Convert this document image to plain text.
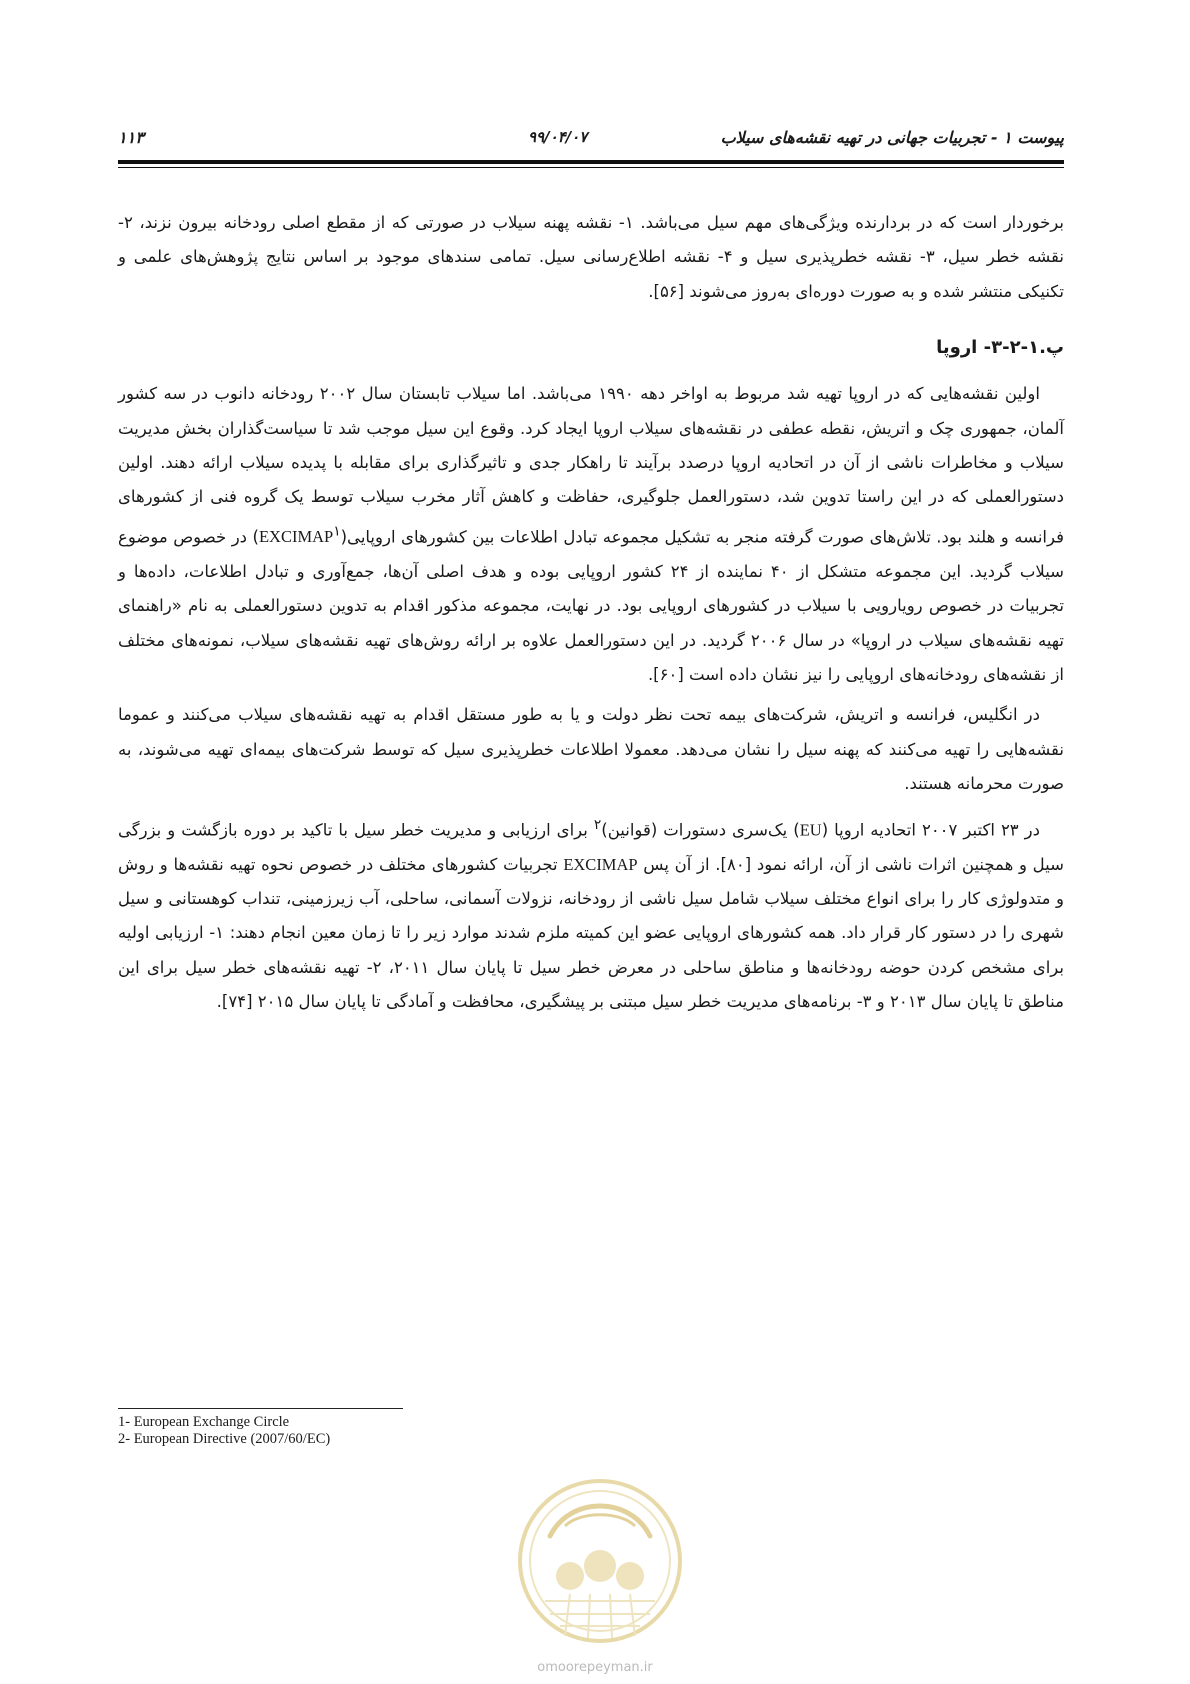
پیوست ۱ - تجربیات جهانی در تهیه نقشه‌های سیلاب
۹۹/۰۴/۰۷
۱۱۳

برخوردار است که در بردارنده ویژگی‌های مهم سیل می‌باشد. ۱- نقشه پهنه سیلاب در صورتی که از مقطع اصلی رودخانه بیرون نزند، ۲- نقشه خطر سیل، ۳- نقشه خطرپذیری سیل و ۴- نقشه اطلاع‌رسانی سیل. تمامی سندهای موجود بر اساس نتایج پژوهش‌های علمی و تکنیکی منتشر شده و به صورت دوره‌ای به‌روز می‌شوند [۵۶].

پ.۱-۲-۳- اروپا

اولین نقشه‌هایی که در اروپا تهیه شد مربوط به اواخر دهه ۱۹۹۰ می‌باشد. اما سیلاب تابستان سال ۲۰۰۲ رودخانه دانوب در سه کشور آلمان، جمهوری چک و اتریش، نقطه عطفی در نقشه‌های سیلاب اروپا ایجاد کرد. وقوع این سیل موجب شد تا سیاست‌گذاران بخش مدیریت سیلاب و مخاطرات ناشی از آن در اتحادیه اروپا درصدد برآیند تا راهکار جدی و تاثیرگذاری برای مقابله با پدیده سیلاب ارائه دهند. اولین دستورالعملی که در این راستا تدوین شد، دستورالعمل جلوگیری، حفاظت و کاهش آثار مخرب سیلاب توسط یک گروه فنی از کشورهای فرانسه و هلند بود. تلاش‌های صورت گرفته منجر به تشکیل مجموعه تبادل اطلاعات بین کشورهای اروپایی(EXCIMAP$^۱$) در خصوص موضوع سیلاب گردید. این مجموعه متشکل از ۴۰ نماینده از ۲۴ کشور اروپایی بوده و هدف اصلی آن‌ها، جمع‌آوری و تبادل اطلاعات، داده‌ها و تجربیات در خصوص رویارویی با سیلاب در کشورهای اروپایی بود. در نهایت، مجموعه مذکور اقدام به تدوین دستورالعملی به نام «راهنمای تهیه نقشه‌های سیلاب در اروپا» در سال ۲۰۰۶ گردید. در این دستورالعمل علاوه بر ارائه روش‌های تهیه نقشه‌های سیلاب، نمونه‌های مختلف از نقشه‌های رودخانه‌های اروپایی را نیز نشان داده است [۶۰].

در انگلیس، فرانسه و اتریش، شرکت‌های بیمه تحت نظر دولت و یا به طور مستقل اقدام به تهیه نقشه‌های سیلاب می‌کنند و عموما نقشه‌هایی را تهیه می‌کنند که پهنه سیل را نشان می‌دهد. معمولا اطلاعات خطرپذیری سیل که توسط شرکت‌های بیمه‌ای تهیه می‌شوند، به صورت محرمانه هستند.

در ۲۳ اکتبر ۲۰۰۷ اتحادیه اروپا (EU) یک‌سری دستورات (قوانین)$^۲$ برای ارزیابی و مدیریت خطر سیل با تاکید بر دوره بازگشت و بزرگی سیل و همچنین اثرات ناشی از آن، ارائه نمود [۸۰]. از آن پس EXCIMAP تجربیات کشورهای مختلف در خصوص نحوه تهیه نقشه‌ها و روش و متدولوژی کار را برای انواع مختلف سیلاب شامل سیل ناشی از رودخانه، نزولات آسمانی، ساحلی، آب زیرزمینی، تنداب کوهستانی و سیل شهری را در دستور کار قرار داد. همه کشورهای اروپایی عضو این کمیته ملزم شدند موارد زیر را تا زمان معین انجام دهند: ۱- ارزیابی اولیه برای مشخص کردن حوضه رودخانه‌ها و مناطق ساحلی در معرض خطر سیل تا پایان سال ۲۰۱۱، ۲- تهیه نقشه‌های خطر سیل برای این مناطق تا پایان سال ۲۰۱۳ و ۳- برنامه‌های مدیریت خطر سیل مبتنی بر پیشگیری، محافظت و آمادگی تا پایان سال ۲۰۱۵ [۷۴].

1- European Exchange Circle
2- European Directive (2007/60/EC)
omoorepeyman.ir
